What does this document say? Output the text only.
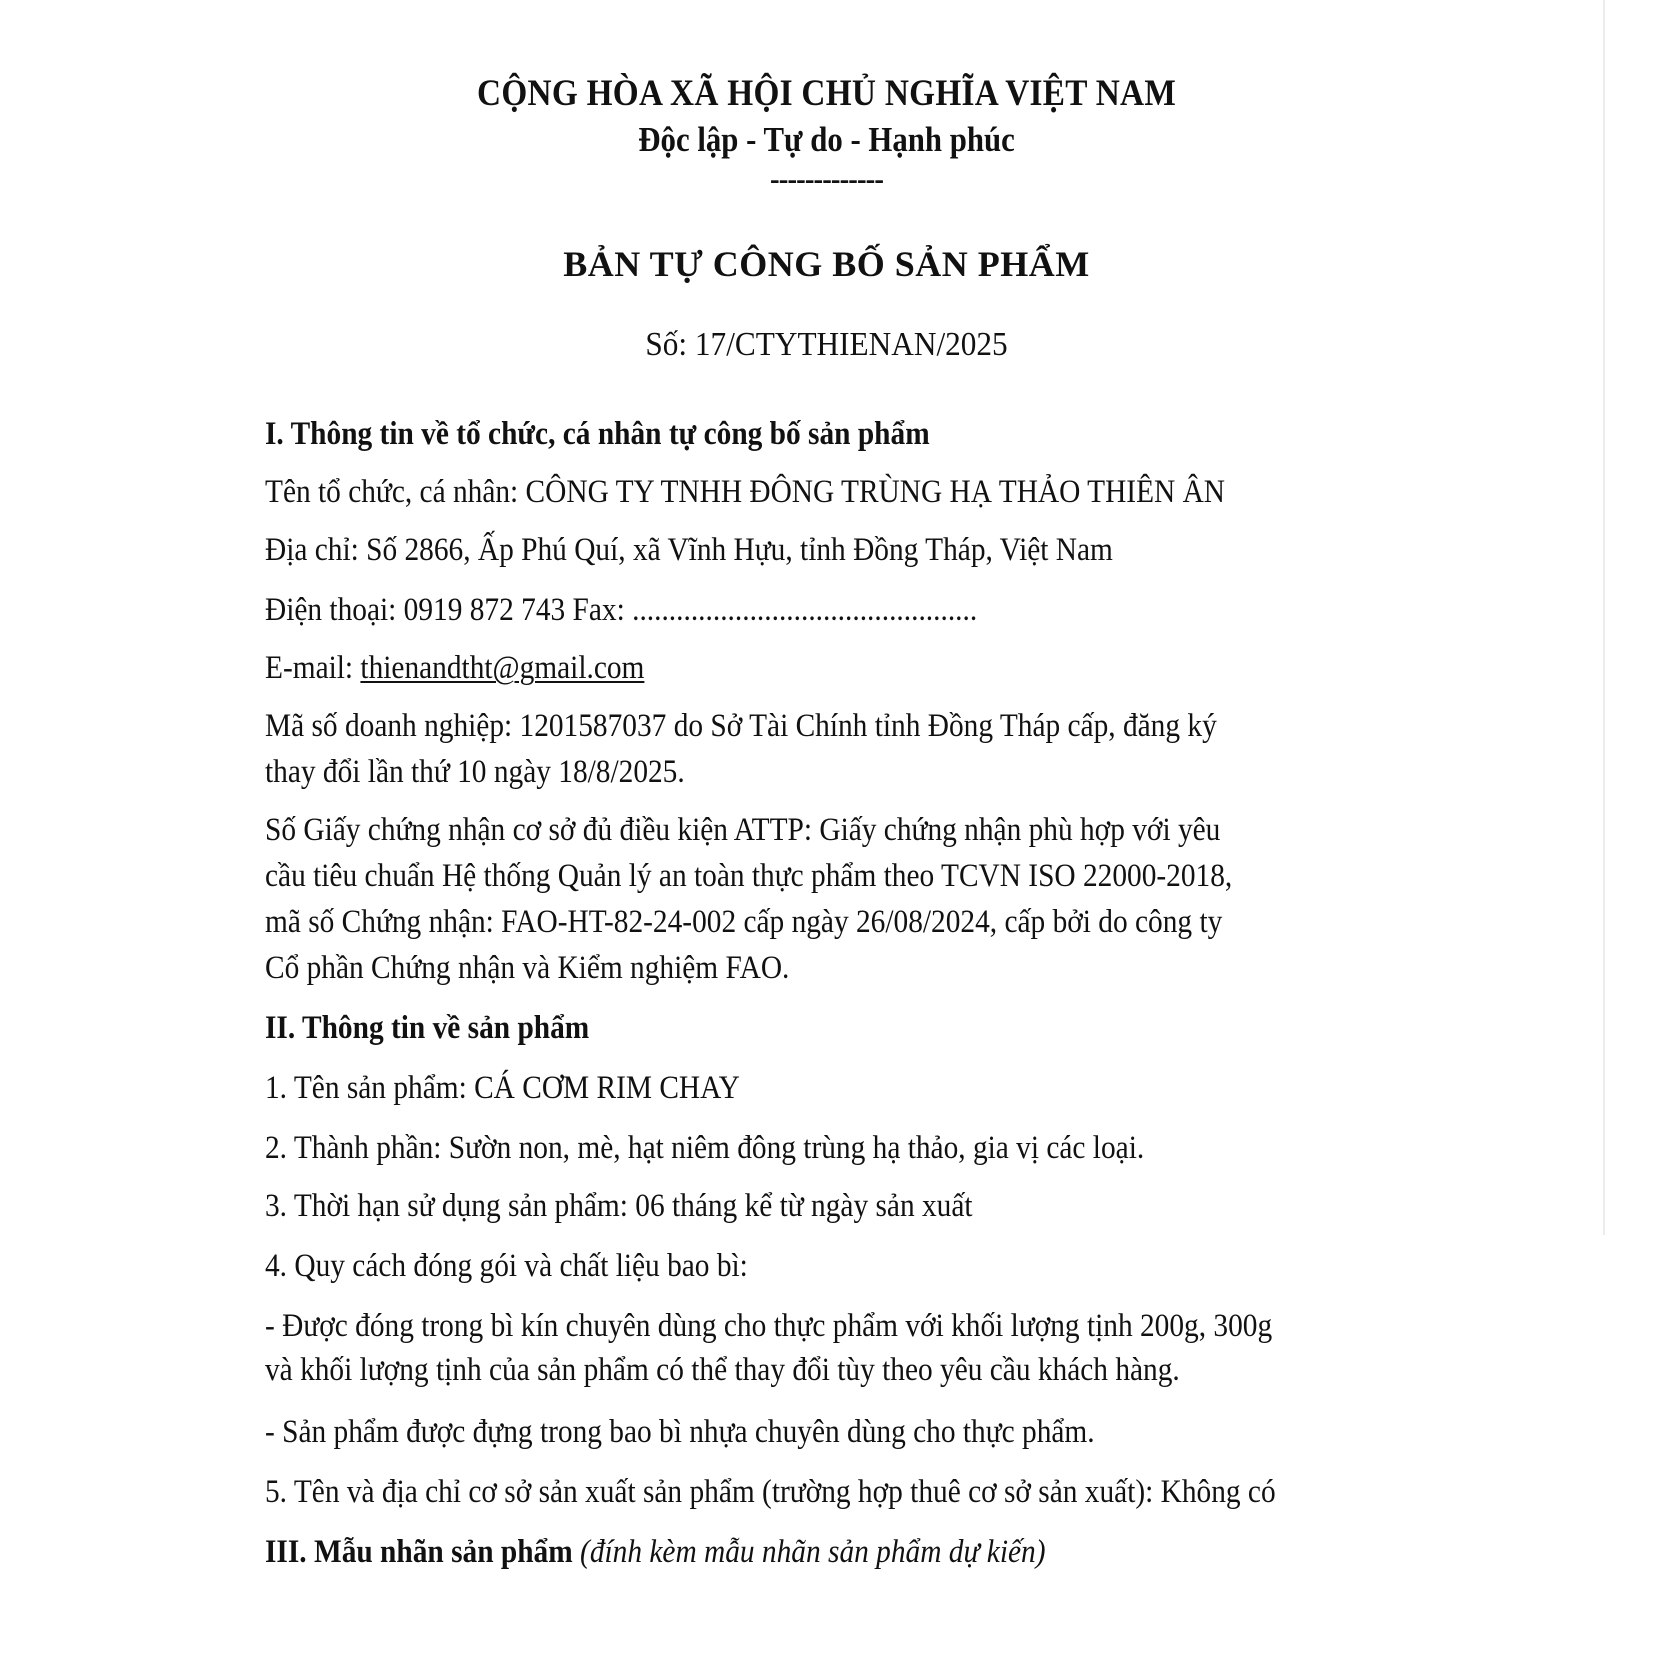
CỘNG HÒA XÃ HỘI CHỦ NGHĨA VIỆT NAM
Độc lập - Tự do - Hạnh phúc
-------------
BẢN TỰ CÔNG BỐ SẢN PHẨM
Số: 17/CTYTHIENAN/2025
I. Thông tin về tổ chức, cá nhân tự công bố sản phẩm
Tên tổ chức, cá nhân: CÔNG TY TNHH ĐÔNG TRÙNG HẠ THẢO THIÊN ÂN
Địa chỉ: Số 2866, Ấp Phú Quí, xã Vĩnh Hựu, tỉnh Đồng Tháp, Việt Nam
Điện thoại: 0919 872 743 Fax: ...............................................
E-mail: thienandtht@gmail.com
Mã số doanh nghiệp: 1201587037 do Sở Tài Chính tỉnh Đồng Tháp cấp, đăng ký
thay đổi lần thứ 10 ngày 18/8/2025.
Số Giấy chứng nhận cơ sở đủ điều kiện ATTP: Giấy chứng nhận phù hợp với yêu
cầu tiêu chuẩn Hệ thống Quản lý an toàn thực phẩm theo TCVN ISO 22000-2018,
mã số Chứng nhận: FAO-HT-82-24-002 cấp ngày 26/08/2024, cấp bởi do công ty
Cổ phần Chứng nhận và Kiểm nghiệm FAO.
II. Thông tin về sản phẩm
1. Tên sản phẩm: CÁ CƠM RIM CHAY
2. Thành phần: Sườn non, mè, hạt niêm đông trùng hạ thảo, gia vị các loại.
3. Thời hạn sử dụng sản phẩm: 06 tháng kể từ ngày sản xuất
4. Quy cách đóng gói và chất liệu bao bì:
- Được đóng trong bì kín chuyên dùng cho thực phẩm với khối lượng tịnh 200g, 300g
và khối lượng tịnh của sản phẩm có thể thay đổi tùy theo yêu cầu khách hàng.
- Sản phẩm được đựng trong bao bì nhựa chuyên dùng cho thực phẩm.
5. Tên và địa chỉ cơ sở sản xuất sản phẩm (trường hợp thuê cơ sở sản xuất): Không có
III. Mẫu nhãn sản phẩm (đính kèm mẫu nhãn sản phẩm dự kiến)
